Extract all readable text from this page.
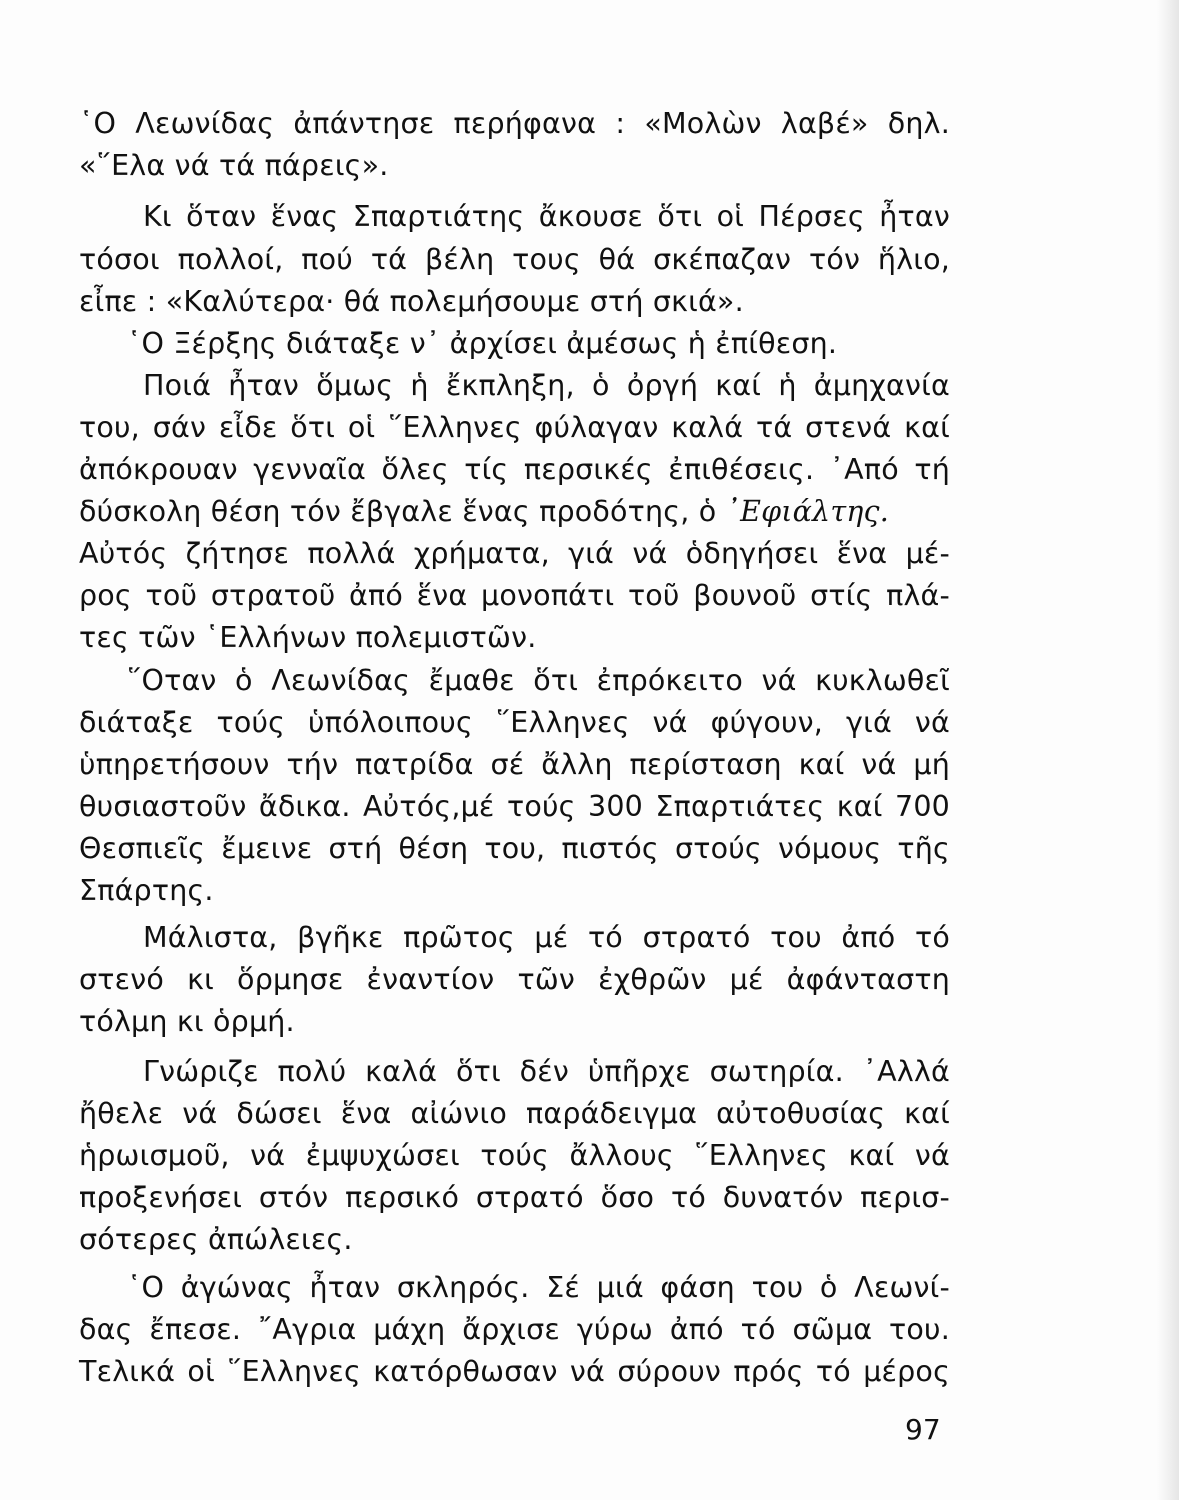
῾Ο Λεωνίδας ἀπάντησε περήφανα : «Μολὼν λαβέ» δηλ.
«῞Ελα νά τά πάρεις».
Κι ὅταν ἕνας Σπαρτιάτης ἄκουσε ὅτι οἱ Πέρσες ἦταν
τόσοι πολλοί, πού τά βέλη τους θά σκέπαζαν τόν ἥλιο,
εἶπε : «Καλύτερα· θά πολεμήσουμε στή σκιά».
῾Ο Ξέρξης διάταξε ν᾽ ἀρχίσει ἀμέσως ἡ ἐπίθεση.
Ποιά ἦταν ὅμως ἡ ἔκπληξη, ὁ ὀργή καί ἡ ἀμηχανία
του, σάν εἶδε ὅτι οἱ ῞Ελληνες φύλαγαν καλά τά στενά καί
ἀπόκρουαν γενναῖα ὅλες τίς περσικές ἐπιθέσεις. ᾽Από τή
δύσκολη θέση τόν ἔβγαλε ἕνας προδότης, ὁ ᾽Εφιάλτης.
Αὐτός ζήτησε πολλά χρήματα, γιά νά ὁδηγήσει ἕνα μέ-
ρος τοῦ στρατοῦ ἀπό ἕνα μονοπάτι τοῦ βουνοῦ στίς πλά-
τες τῶν ῾Ελλήνων πολεμιστῶν.
῞Οταν ὁ Λεωνίδας ἔμαθε ὅτι ἐπρόκειτο νά κυκλωθεῖ
διάταξε τούς ὑπόλοιπους ῞Ελληνες νά φύγουν, γιά νά
ὑπηρετήσουν τήν πατρίδα σέ ἄλλη περίσταση καί νά μή
θυσιαστοῦν ἄδικα. Αὐτός,μέ τούς 300 Σπαρτιάτες καί 700
Θεσπιεῖς ἔμεινε στή θέση του, πιστός στούς νόμους τῆς
Σπάρτης.
Μάλιστα, βγῆκε πρῶτος μέ τό στρατό του ἀπό τό
στενό κι ὅρμησε ἐναντίον τῶν ἐχθρῶν μέ ἀφάνταστη
τόλμη κι ὁρμή.
Γνώριζε πολύ καλά ὅτι δέν ὑπῆρχε σωτηρία. ᾽Αλλά
ἤθελε νά δώσει ἕνα αἰώνιο παράδειγμα αὐτοθυσίας καί
ἡρωισμοῦ, νά ἐμψυχώσει τούς ἄλλους ῞Ελληνες καί νά
προξενήσει στόν περσικό στρατό ὅσο τό δυνατόν περισ-
σότερες ἀπώλειες.
῾Ο ἀγώνας ἦταν σκληρός. Σέ μιά φάση του ὁ Λεωνί-
δας ἔπεσε. ῎Αγρια μάχη ἄρχισε γύρω ἀπό τό σῶμα του.
Τελικά οἱ ῞Ελληνες κατόρθωσαν νά σύρουν πρός τό μέρος
97
